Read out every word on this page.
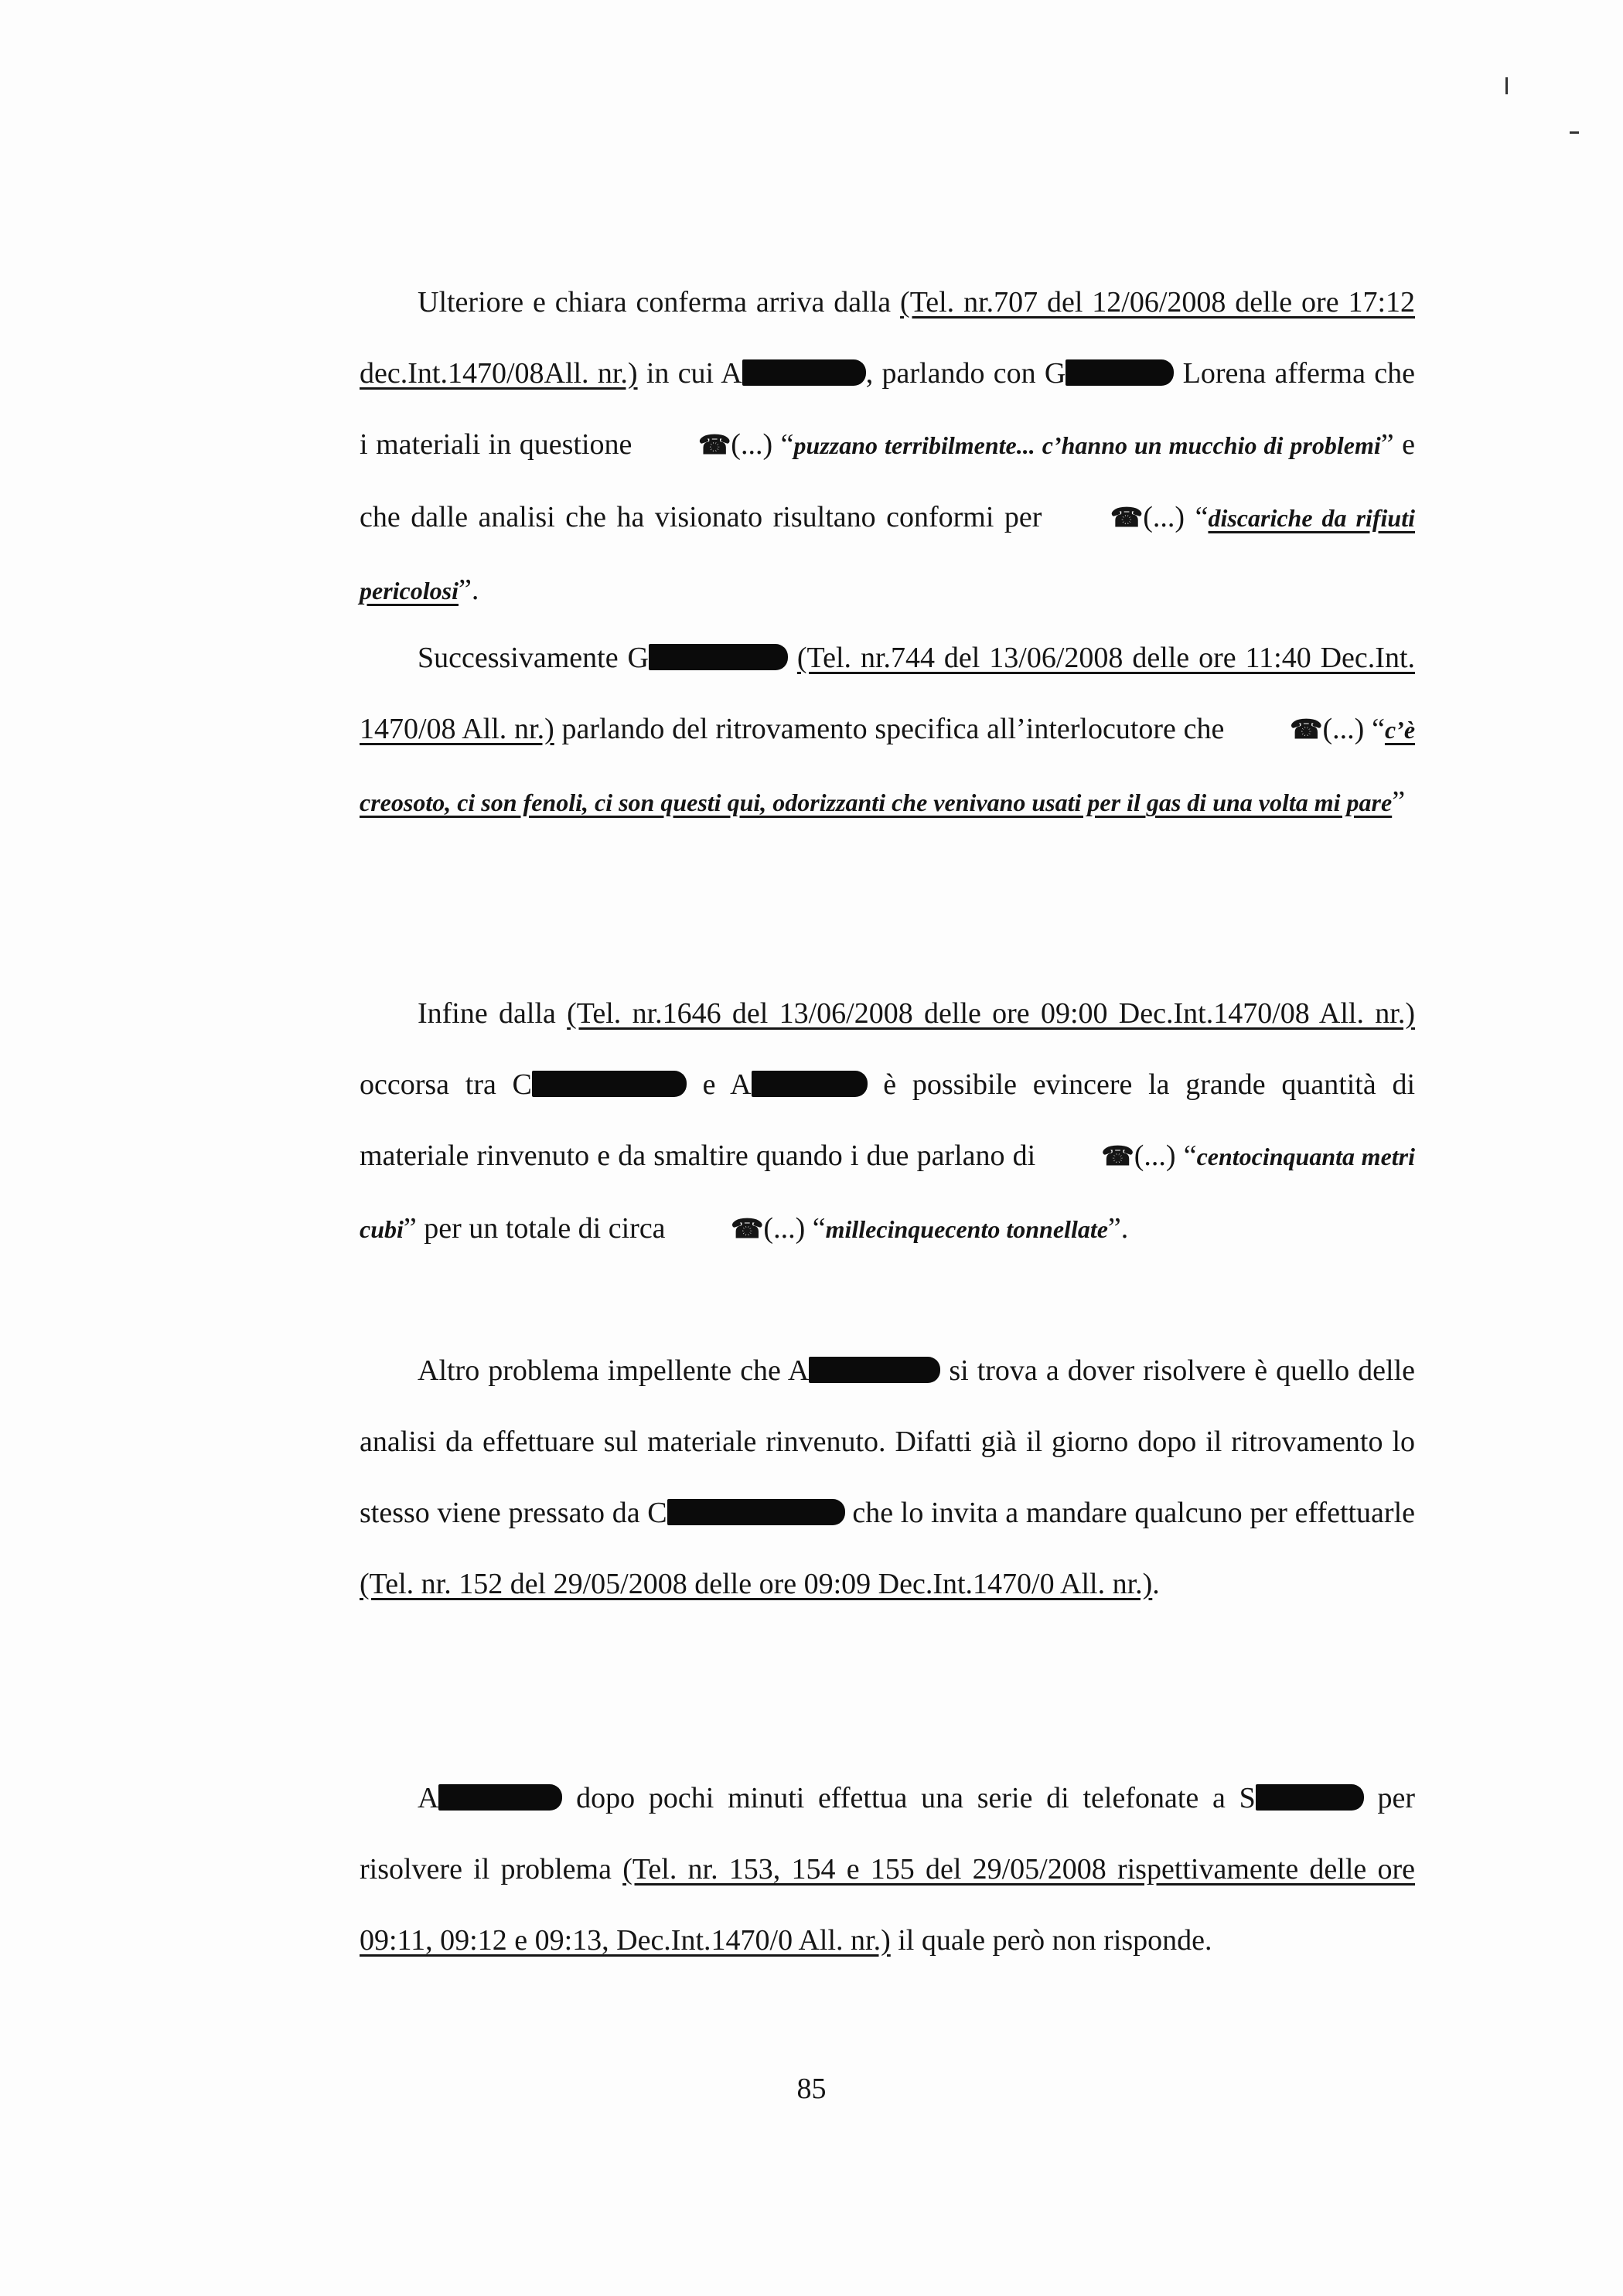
Ulteriore e chiara conferma arriva dalla (Tel. nr.707 del 12/06/2008 delle ore 17:12 dec.Int.1470/08All. nr.) in cui A	, parlando con G	Lorena afferma che i materiali in questione ☎(...) “puzzano terribilmente... c’hanno un mucchio di problemi” e che dalle analisi che ha visionato risultano conformi per ☎(...) “discariche da rifiuti pericolosi”.

Successivamente G	(Tel. nr.744 del 13/06/2008 delle ore 11:40 Dec.Int. 1470/08 All. nr.) parlando del ritrovamento specifica all’interlocutore che ☎(...) “c’è creosoto, ci son fenoli, ci son questi qui, odorizzanti che venivano usati per il gas di una volta mi pare”

Infine dalla (Tel. nr.1646 del 13/06/2008 delle ore 09:00 Dec.Int.1470/08 All. nr.) occorsa tra C	e A	è possibile evincere la grande quantità di materiale rinvenuto e da smaltire quando i due parlano di ☎(...) “centocinquanta metri cubi” per un totale di circa ☎(...) “millecinquecento tonnellate”.

Altro problema impellente che A	si trova a dover risolvere è quello delle analisi da effettuare sul materiale rinvenuto. Difatti già il giorno dopo il ritrovamento lo stesso viene pressato da C	che lo invita a mandare qualcuno per effettuarle (Tel. nr. 152 del 29/05/2008 delle ore 09:09 Dec.Int.1470/0 All. nr.).

A	dopo pochi minuti effettua una serie di telefonate a S	per risolvere il problema (Tel. nr. 153, 154 e 155 del 29/05/2008 rispettivamente delle ore 09:11, 09:12 e 09:13, Dec.Int.1470/0 All. nr.) il quale però non risponde.

85
